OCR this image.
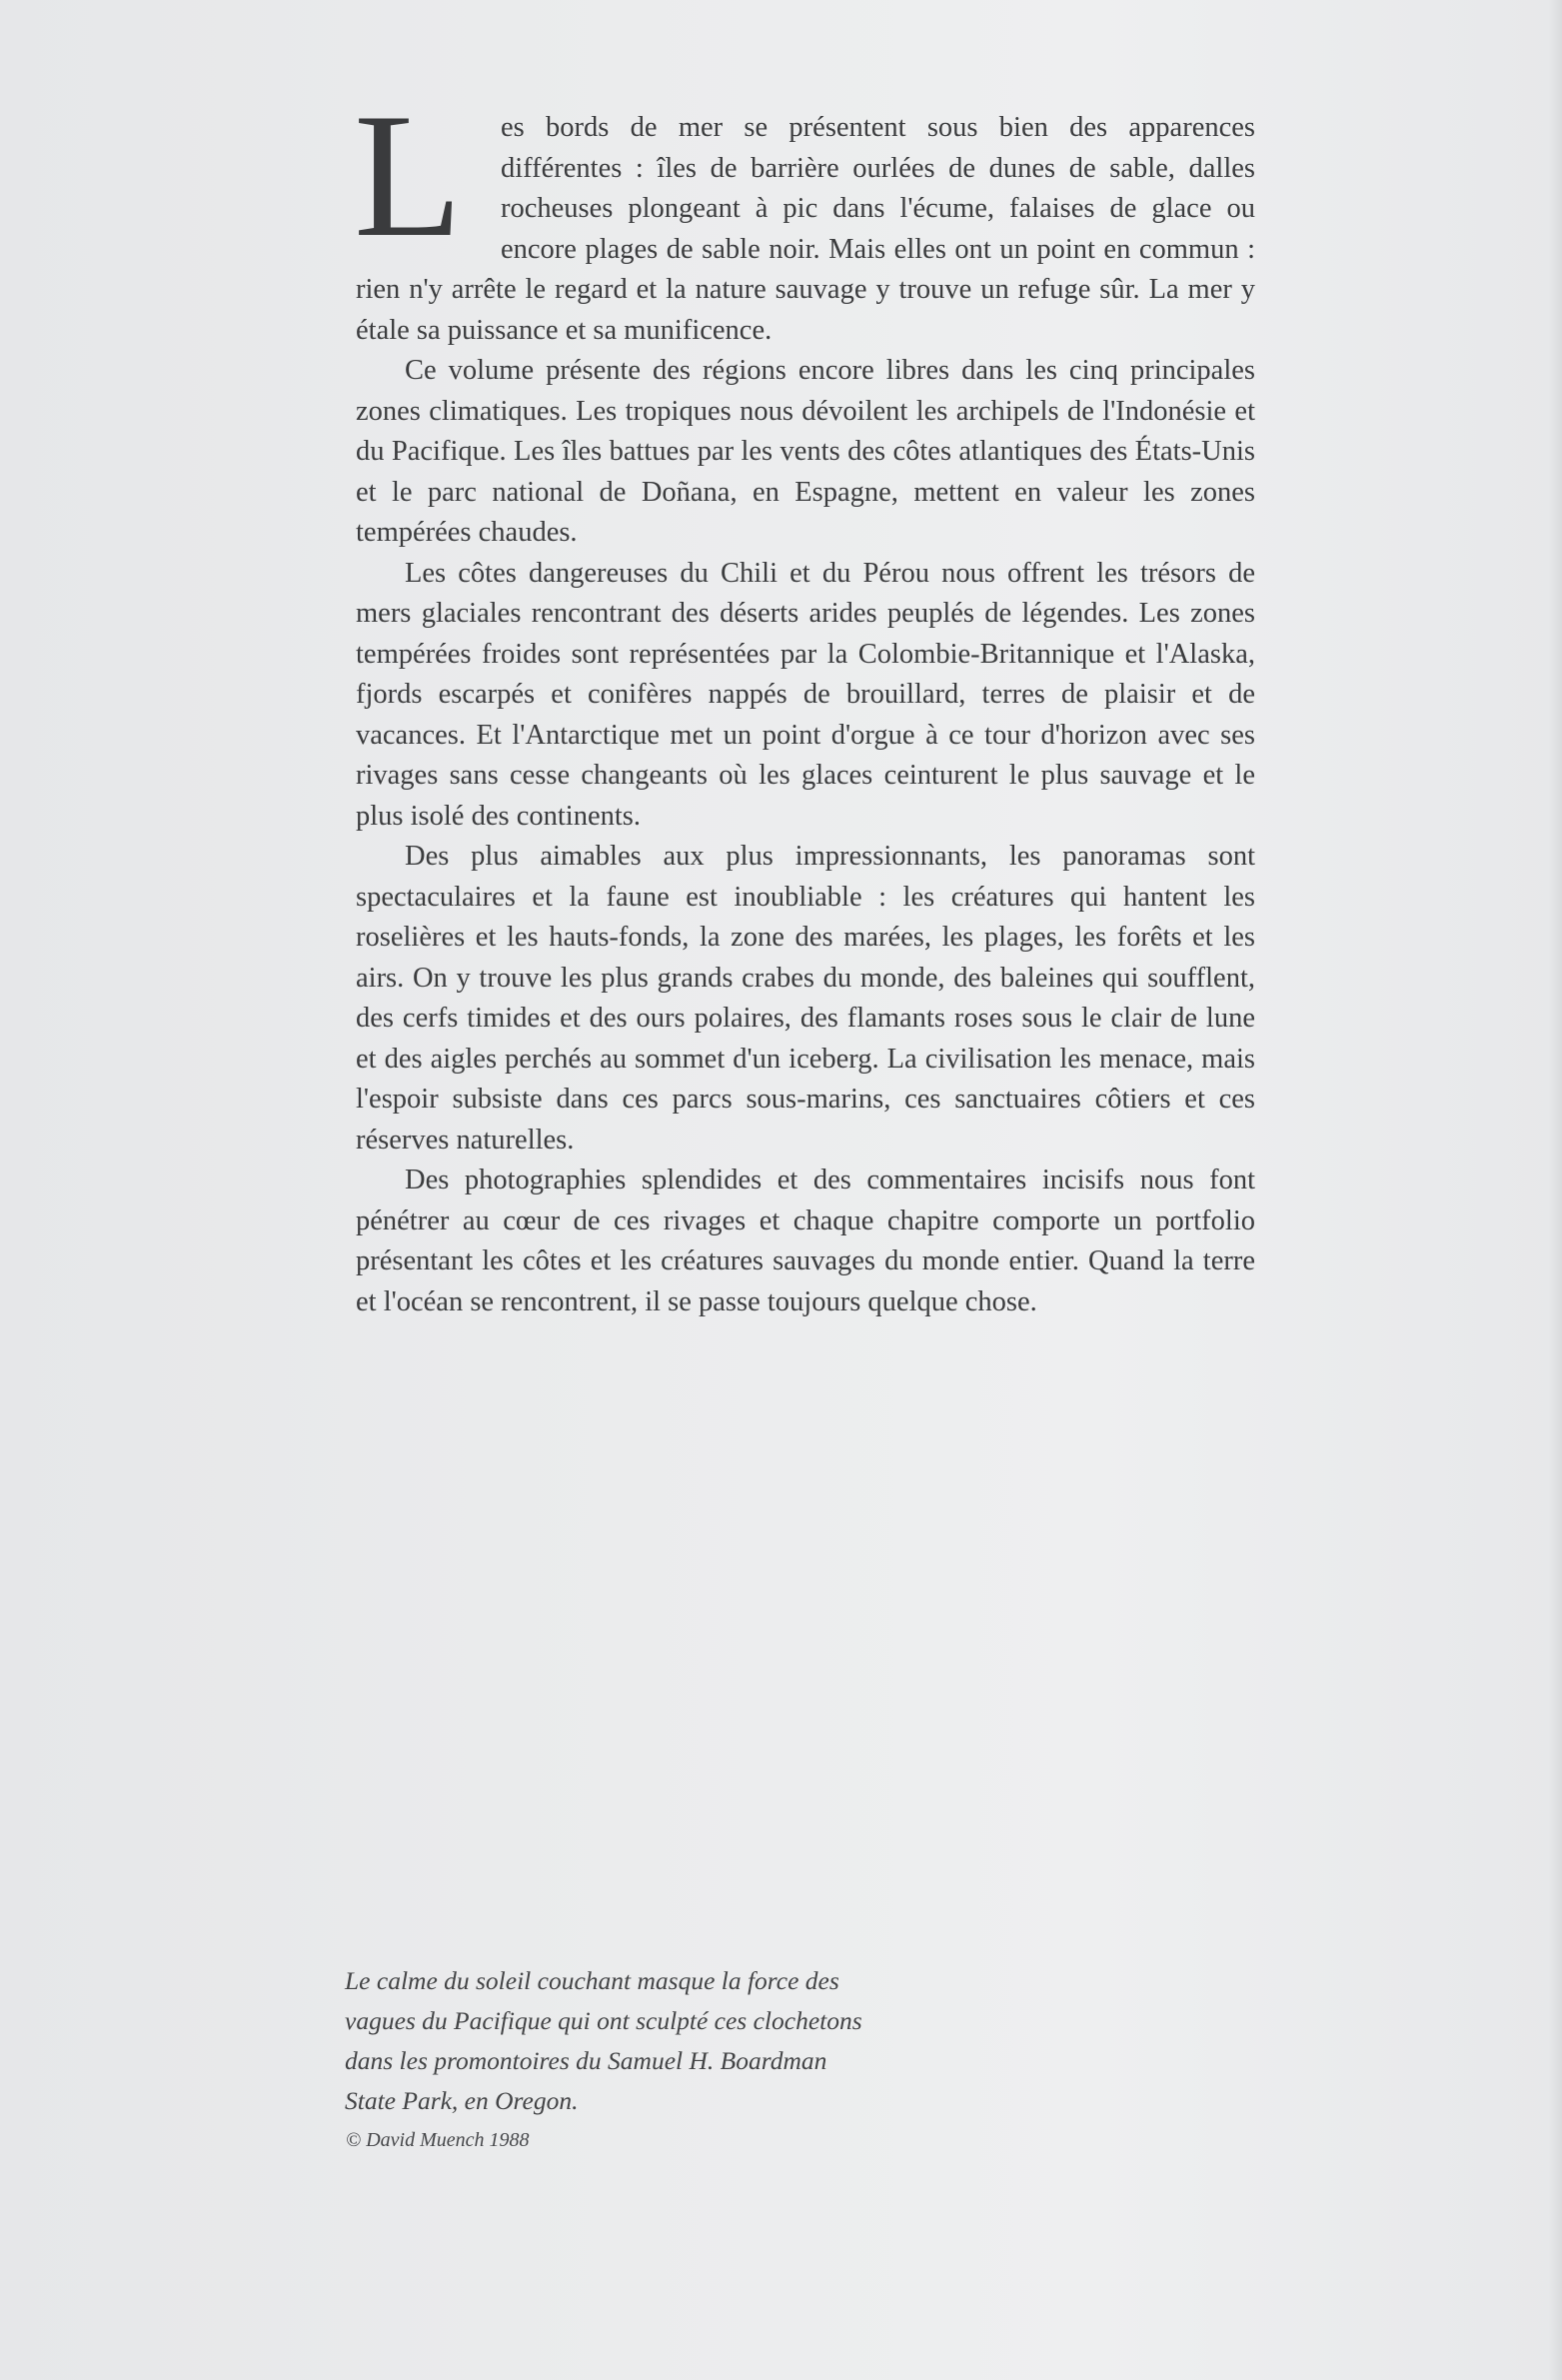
L	es bords de mer se présentent sous bien des apparences différentes : îles de barrière ourlées de dunes de sable, dalles rocheuses plongeant à pic dans l'écume, falaises de glace ou encore plages de sable noir. Mais elles ont un point en commun : rien n'y arrête le regard et la nature sauvage y trouve un refuge sûr. La mer y étale sa puissance et sa munificence.

Ce volume présente des régions encore libres dans les cinq principales zones climatiques. Les tropiques nous dévoilent les archipels de l'Indonésie et du Pacifique. Les îles battues par les vents des côtes atlantiques des États-Unis et le parc national de Doñana, en Espagne, mettent en valeur les zones tempérées chaudes.

Les côtes dangereuses du Chili et du Pérou nous offrent les trésors de mers glaciales rencontrant des déserts arides peuplés de légendes. Les zones tempérées froides sont représentées par la Colombie-Britannique et l'Alaska, fjords escarpés et conifères nappés de brouillard, terres de plaisir et de vacances. Et l'Antarctique met un point d'orgue à ce tour d'horizon avec ses rivages sans cesse changeants où les glaces ceinturent le plus sauvage et le plus isolé des continents.

Des plus aimables aux plus impressionnants, les panoramas sont spectaculaires et la faune est inoubliable : les créatures qui hantent les roselières et les hauts-fonds, la zone des marées, les plages, les forêts et les airs. On y trouve les plus grands crabes du monde, des baleines qui soufflent, des cerfs timides et des ours polaires, des flamants roses sous le clair de lune et des aigles perchés au sommet d'un iceberg. La civilisation les menace, mais l'espoir subsiste dans ces parcs sous-marins, ces sanctuaires côtiers et ces réserves naturelles.

Des photographies splendides et des commentaires incisifs nous font pénétrer au cœur de ces rivages et chaque chapitre comporte un portfolio présentant les côtes et les créatures sauvages du monde entier. Quand la terre et l'océan se rencontrent, il se passe toujours quelque chose.

Le calme du soleil couchant masque la force des
vagues du Pacifique qui ont sculpté ces clochetons
dans les promontoires du Samuel H. Boardman
State Park, en Oregon.
© David Muench 1988
